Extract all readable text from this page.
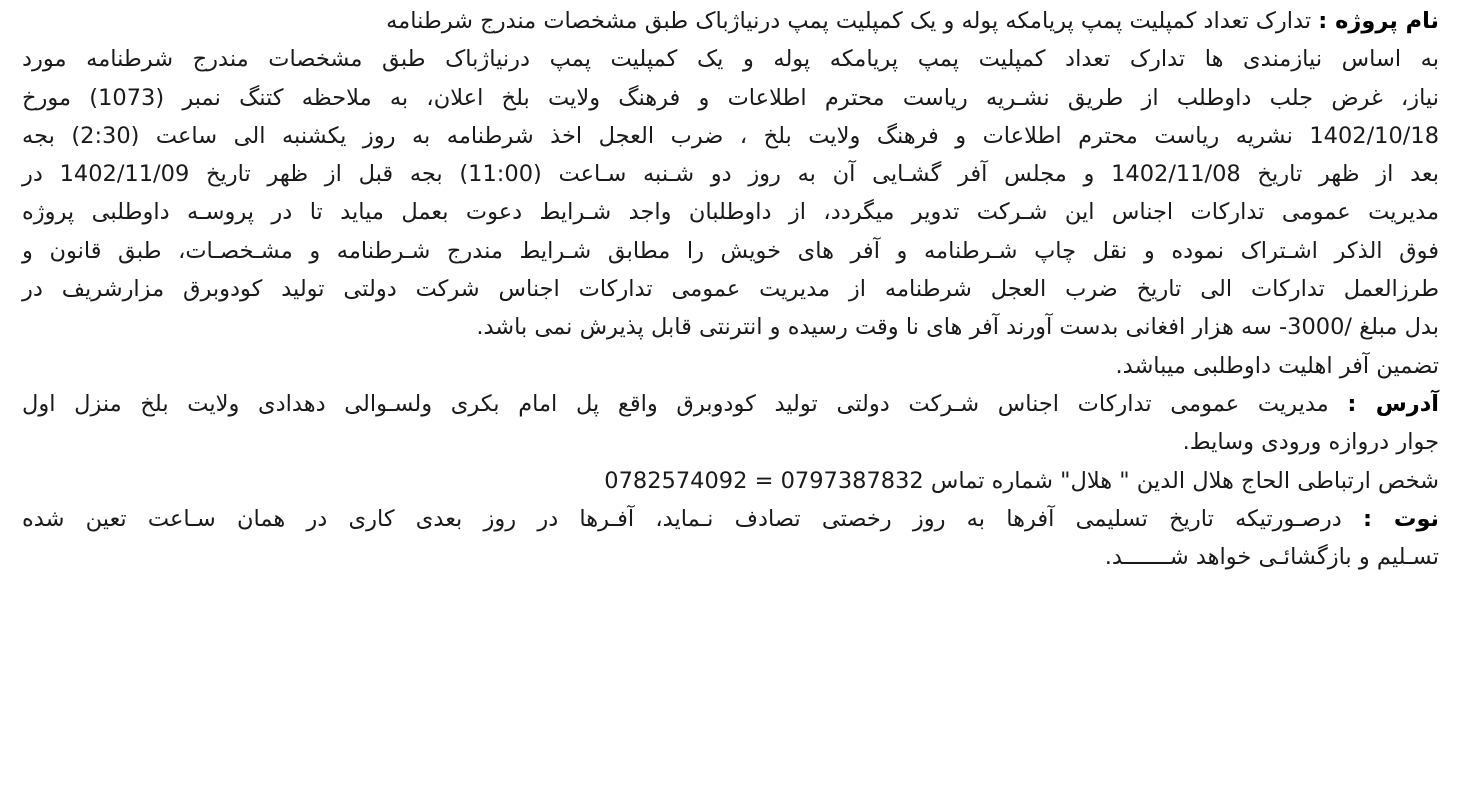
نام پروژه : تدارک تعداد کمپلیت پمپ پریامکه پوله و یک کمپلیت پمپ درنیاژباک طبق مشخصات مندرج شرطنامه
به اساس نیازمندی ها تدارک تعداد کمپلیت پمپ پریامکه پوله و یک کمپلیت پمپ درنیاژباک طبق مشخصات مندرج شرطنامه مورد
نیاز، غرض جلب داوطلب از طریق نشـریه ریاست محترم اطلاعات و فرهنگ ولایت بلخ اعلان، به ملاحظه کتنگ نمبر (1073) مورخ
1402/10/18 نشریه ریاست محترم اطلاعات و فرهنگ ولایت بلخ ، ضرب العجل اخذ شرطنامه به روز یکشنبه الی ساعت (2:30) بجه
بعد از ظهر تاریخ 1402/11/08 و مجلس آفر گشـایی آن به روز دو شـنبه سـاعت (11:00) بجه قبل از ظهر تاریخ 1402/11/09 در
مدیریت عمومی تدارکات اجناس این شـرکت تدویر میگردد، از داوطلبان واجد شـرایط دعوت بعمل میاید تا در پروسـه داوطلبی پروژه
فوق الذکر اشـتراک نموده و نقل چاپ شـرطنامه و آفر های خویش را مطابق شـرایط مندرج شـرطنامه و مشـخصـات، طبق قانون و
طرزالعمل تدارکات الی تاریخ ضرب العجل شرطنامه از مدیریت عمومی تدارکات اجناس شرکت دولتی تولید کودوبرق مزارشریف در
بدل مبلغ /3000- سه هزار افغانی بدست آورند آفر های نا وقت رسیده و انترنتی قابل پذیرش نمی باشد.
تضمین آفر اهلیت داوطلبی میباشد.
آدرس : مدیریت عمومی تدارکات اجناس شـرکت دولتی تولید کودوبرق واقع پل امام بکری ولسـوالی دهدادی ولایت بلخ منزل اول
جوار دروازه ورودی وسایط.
شخص ارتباطی الحاج هلال الدین " هلال" شماره تماس 0797387832 = 0782574092
نوت : درصـورتیکه تاریخ تسلیمی آفرها به روز رخصتی تصادف نـماید، آفـرها در روز بعدی کاری در همان سـاعت تعین شده
تسـلیم و بازگشائـی خواهد شـــــــد.
